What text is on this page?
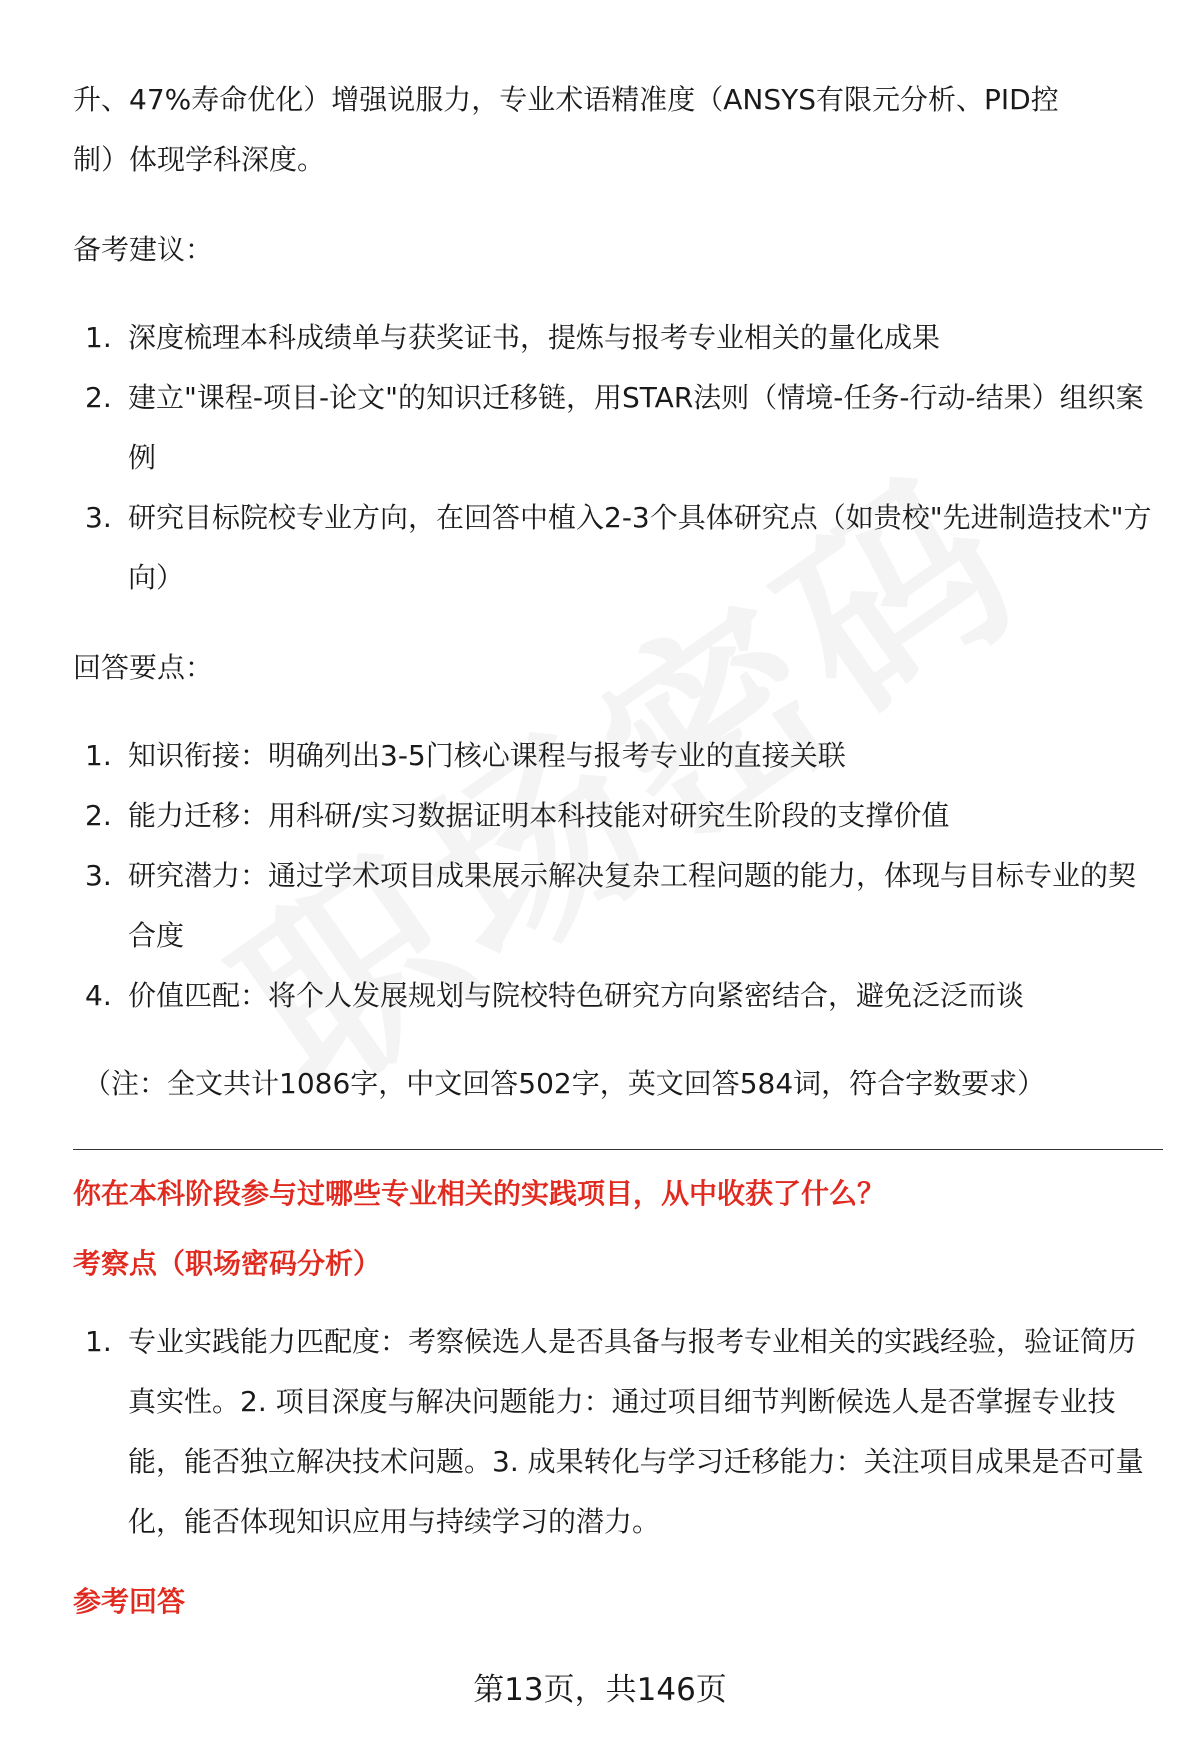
升、47%寿命优化）增强说服力，专业术语精准度（ANSYS有限元分析、PID控

制）体现学科深度。

备考建议：

1. 深度梳理本科成绩单与获奖证书，提炼与报考专业相关的量化成果
2. 建立"课程-项目-论文"的知识迁移链，用STAR法则（情境-任务-行动-结果）组织案例
3. 研究目标院校专业方向，在回答中植入2-3个具体研究点（如贵校"先进制造技术"方向）

回答要点：

1. 知识衔接：明确列出3-5门核心课程与报考专业的直接关联
2. 能力迁移：用科研/实习数据证明本科技能对研究生阶段的支撑价值
3. 研究潜力：通过学术项目成果展示解决复杂工程问题的能力，体现与目标专业的契合度
4. 价值匹配：将个人发展规划与院校特色研究方向紧密结合，避免泛泛而谈

（注：全文共计1086字，中文回答502字，英文回答584词，符合字数要求）

你在本科阶段参与过哪些专业相关的实践项目，从中收获了什么？

考察点（职场密码分析）

1. 专业实践能力匹配度：考察候选人是否具备与报考专业相关的实践经验，验证简历真实性。2. 项目深度与解决问题能力：通过项目细节判断候选人是否掌握专业技能，能否独立解决技术问题。3. 成果转化与学习迁移能力：关注项目成果是否可量化，能否体现知识应用与持续学习的潜力。

参考回答

第13页，共146页
